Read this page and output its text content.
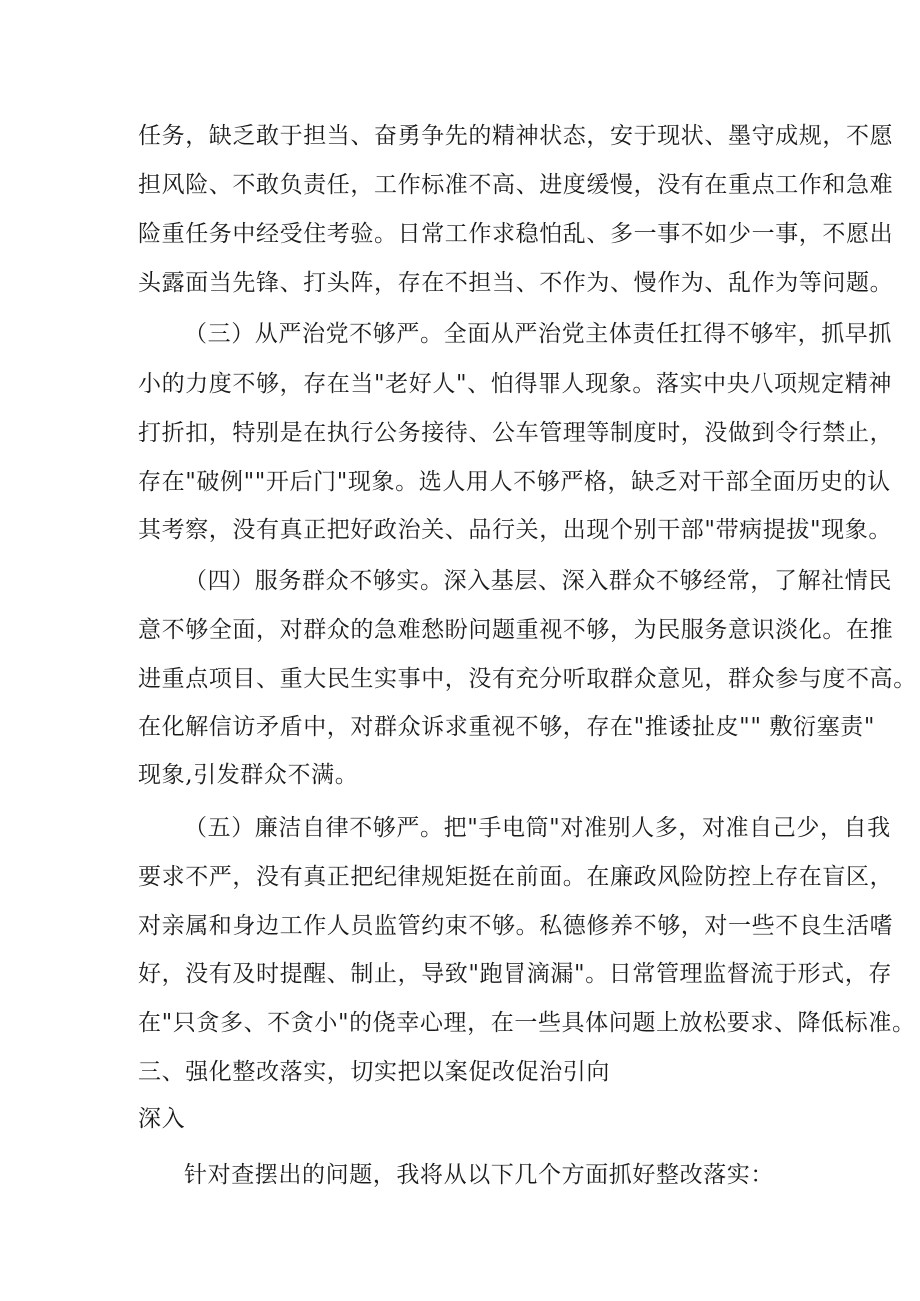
任务，缺乏敢于担当、奋勇争先的精神状态，安于现状、墨守成规，不愿
担风险、不敢负责任，工作标准不高、进度缓慢，没有在重点工作和急难
险重任务中经受住考验。日常工作求稳怕乱、多一事不如少一事，不愿出
头露面当先锋、打头阵，存在不担当、不作为、慢作为、乱作为等问题。
（三）从严治党不够严。全面从严治党主体责任扛得不够牢，抓早抓
小的力度不够，存在当"老好人"、怕得罪人现象。落实中央八项规定精神
打折扣，特别是在执行公务接待、公车管理等制度时，没做到令行禁止，
存在"破例""开后门"现象。选人用人不够严格，缺乏对干部全面历史的认
其考察，没有真正把好政治关、品行关，出现个别干部"带病提拔"现象。
（四）服务群众不够实。深入基层、深入群众不够经常，了解社情民
意不够全面，对群众的急难愁盼问题重视不够，为民服务意识淡化。在推
进重点项目、重大民生实事中，没有充分听取群众意见，群众参与度不高。
在化解信访矛盾中，对群众诉求重视不够，存在"推诿扯皮"" 敷衍塞责"
现象,引发群众不满。
（五）廉洁自律不够严。把"手电筒"对准别人多，对准自己少，自我
要求不严，没有真正把纪律规矩挺在前面。在廉政风险防控上存在盲区，
对亲属和身边工作人员监管约束不够。私德修养不够，对一些不良生活嗜
好，没有及时提醒、制止，导致"跑冒滴漏"。日常管理监督流于形式，存
在"只贪多、不贪小"的侥幸心理，在一些具体问题上放松要求、降低标准。
三、强化整改落实，切实把以案促改促治引向
深入
针对查摆出的问题，我将从以下几个方面抓好整改落实：
